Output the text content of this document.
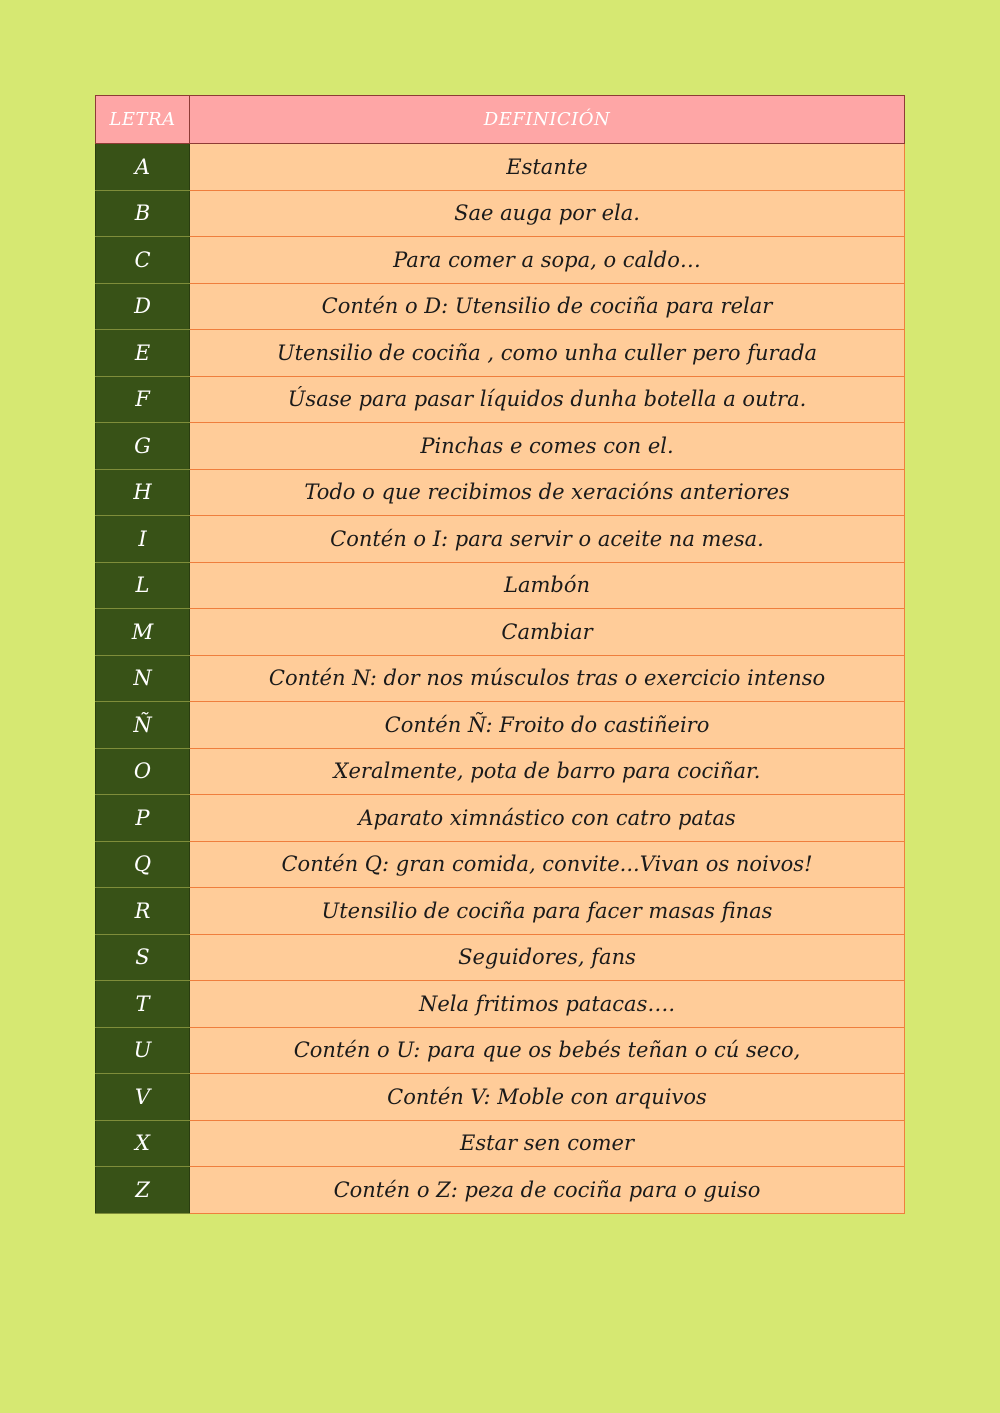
LETRA	DEFINICIÓN
A	Estante
B	Sae auga por ela.
C	Para comer a sopa, o caldo…
D	Contén o D: Utensilio de cociña para relar
E	Utensilio de cociña , como unha culler pero furada
F	Úsase para pasar líquidos dunha botella a outra.
G	Pinchas e comes con el.
H	Todo o que recibimos de xeracións anteriores
I	Contén o I: para servir o aceite na mesa.
L	Lambón
M	Cambiar
N	Contén N: dor nos músculos tras o exercicio intenso
Ñ	Contén Ñ: Froito do castiñeiro
O	Xeralmente, pota de barro para cociñar.
P	Aparato ximnástico con catro patas
Q	Contén Q: gran comida, convite...Vivan os noivos!
R	Utensilio de cociña para facer masas finas
S	Seguidores, fans
T	Nela fritimos patacas….
U	Contén o U: para que os bebés teñan o cú seco,
V	Contén V: Moble con arquivos
X	Estar sen comer
Z	Contén o Z: peza de cociña para o guiso
